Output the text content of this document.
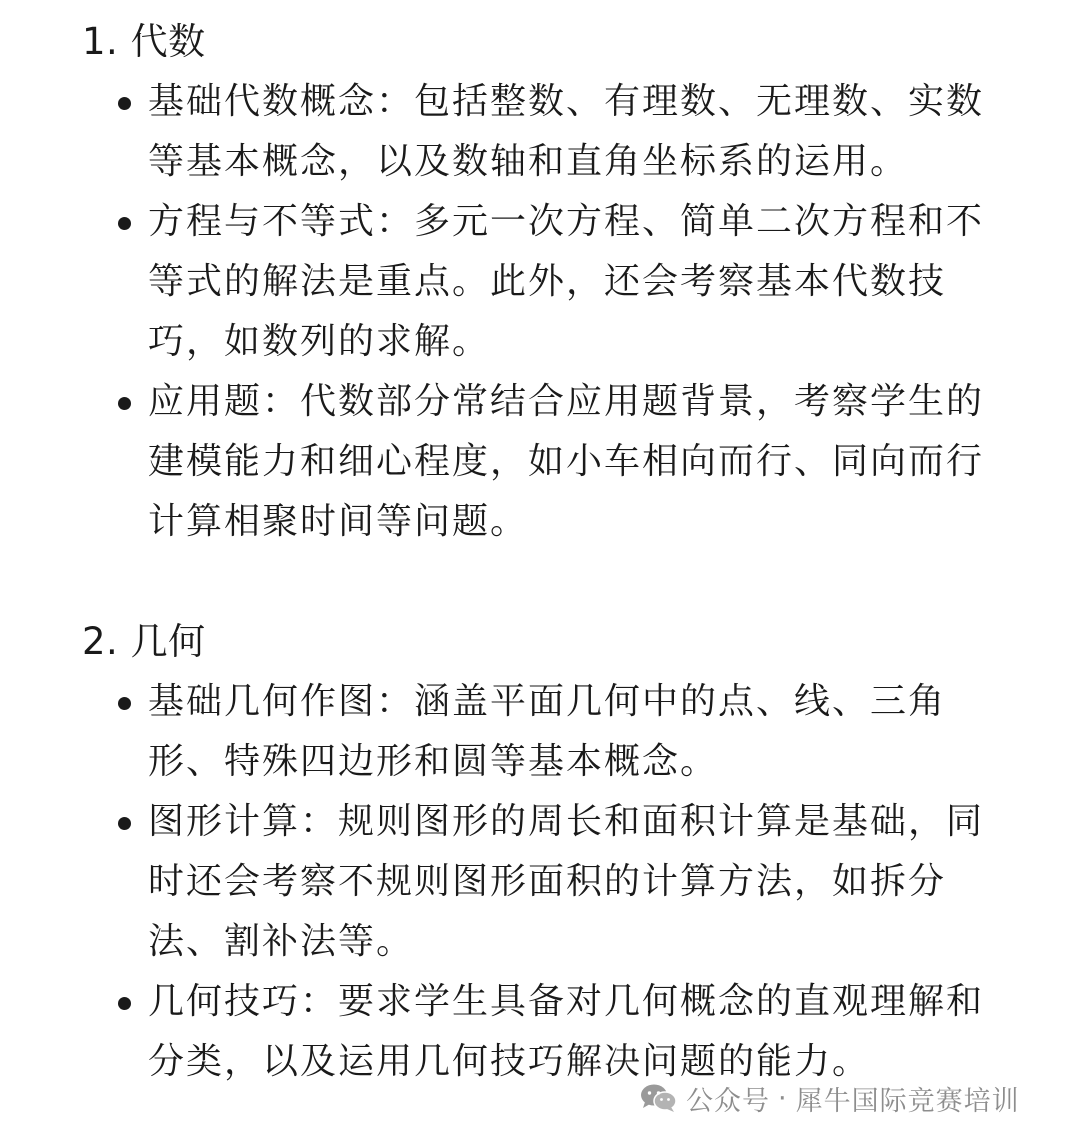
1. 代数
基础代数概念：包括整数、有理数、无理数、实数等基本概念，以及数轴和直角坐标系的运用。
方程与不等式：多元一次方程、简单二次方程和不等式的解法是重点。此外，还会考察基本代数技巧，如数列的求解。
应用题：代数部分常结合应用题背景，考察学生的建模能力和细心程度，如小车相向而行、同向而行计算相聚时间等问题。
2. 几何
基础几何作图：涵盖平面几何中的点、线、三角形、特殊四边形和圆等基本概念。
图形计算：规则图形的周长和面积计算是基础，同时还会考察不规则图形面积的计算方法，如拆分法、割补法等。
几何技巧：要求学生具备对几何概念的直观理解和分类，以及运用几何技巧解决问题的能力。
公众号 · 犀牛国际竞赛培训
